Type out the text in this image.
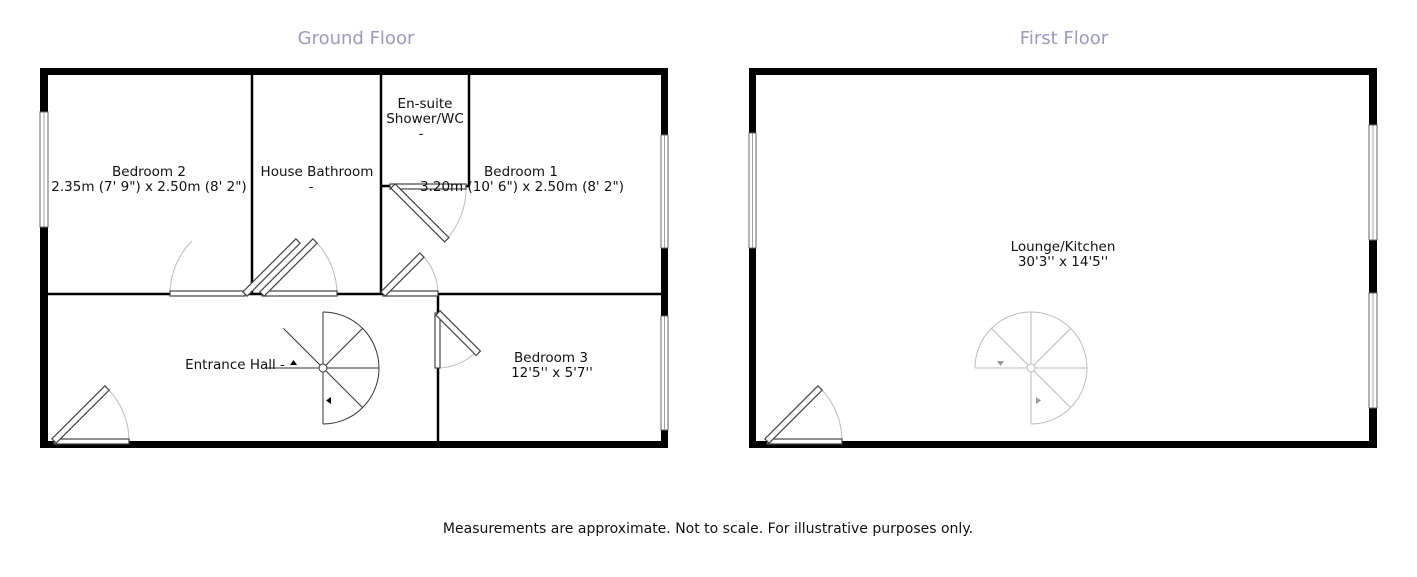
Ground Floor
Bedroom 2
2.35m (7' 9") x 2.50m (8' 2")
House Bathroom
-
En-suite
Shower/WC
-
Bedroom 1
3.20m (10' 6") x 2.50m (8' 2")
Entrance Hall -	Bedroom 3
12'5'' x 5'7''
First Floor
Lounge/Kitchen
30'3'' x 14'5''
Measurements are approximate. Not to scale. For illustrative purposes only.
